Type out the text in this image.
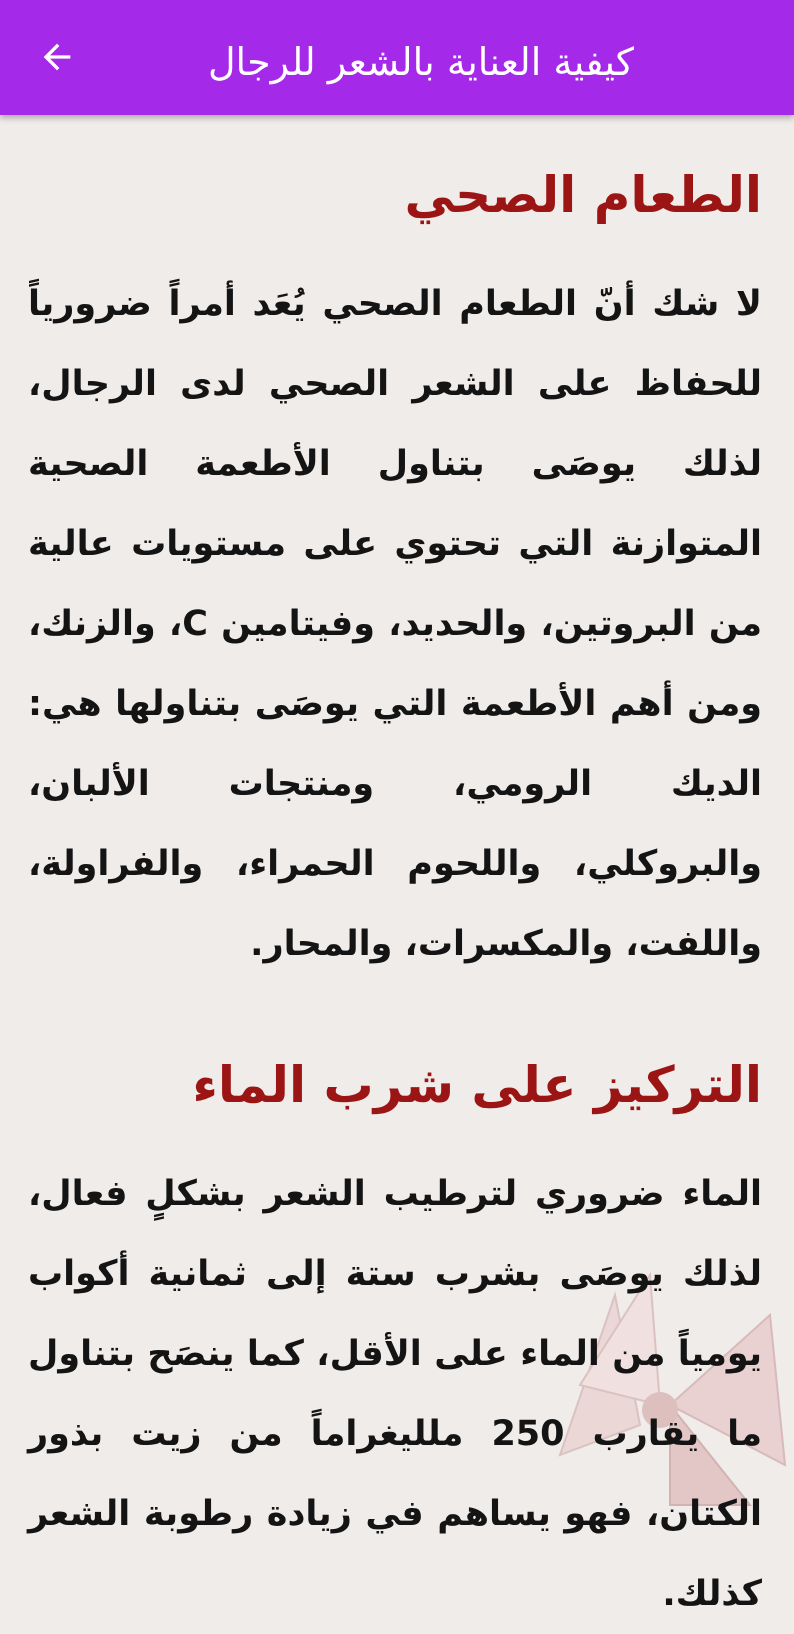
كيفية العناية بالشعر للرجال
الطعام الصحي

لا شك أنّ الطعام الصحي يُعَد أمراً ضرورياً للحفاظ على الشعر الصحي لدى الرجال، لذلك يوصَى بتناول الأطعمة الصحية المتوازنة التي تحتوي على مستويات عالية من البروتين، والحديد، وفيتامين C، والزنك، ومن أهم الأطعمة التي يوصَى بتناولها هي: الديك الرومي، ومنتجات الألبان، والبروكلي، واللحوم الحمراء، والفراولة، واللفت، والمكسرات، والمحار.

التركيز على شرب الماء

الماء ضروري لترطيب الشعر بشكلٍ فعال، لذلك يوصَى بشرب ستة إلى ثمانية أكواب يومياً من الماء على الأقل، كما ينصَح بتناول ما يقارب 250 ملليغراماً من زيت بذور الكتان، فهو يساهم في زيادة رطوبة الشعر كذلك.
